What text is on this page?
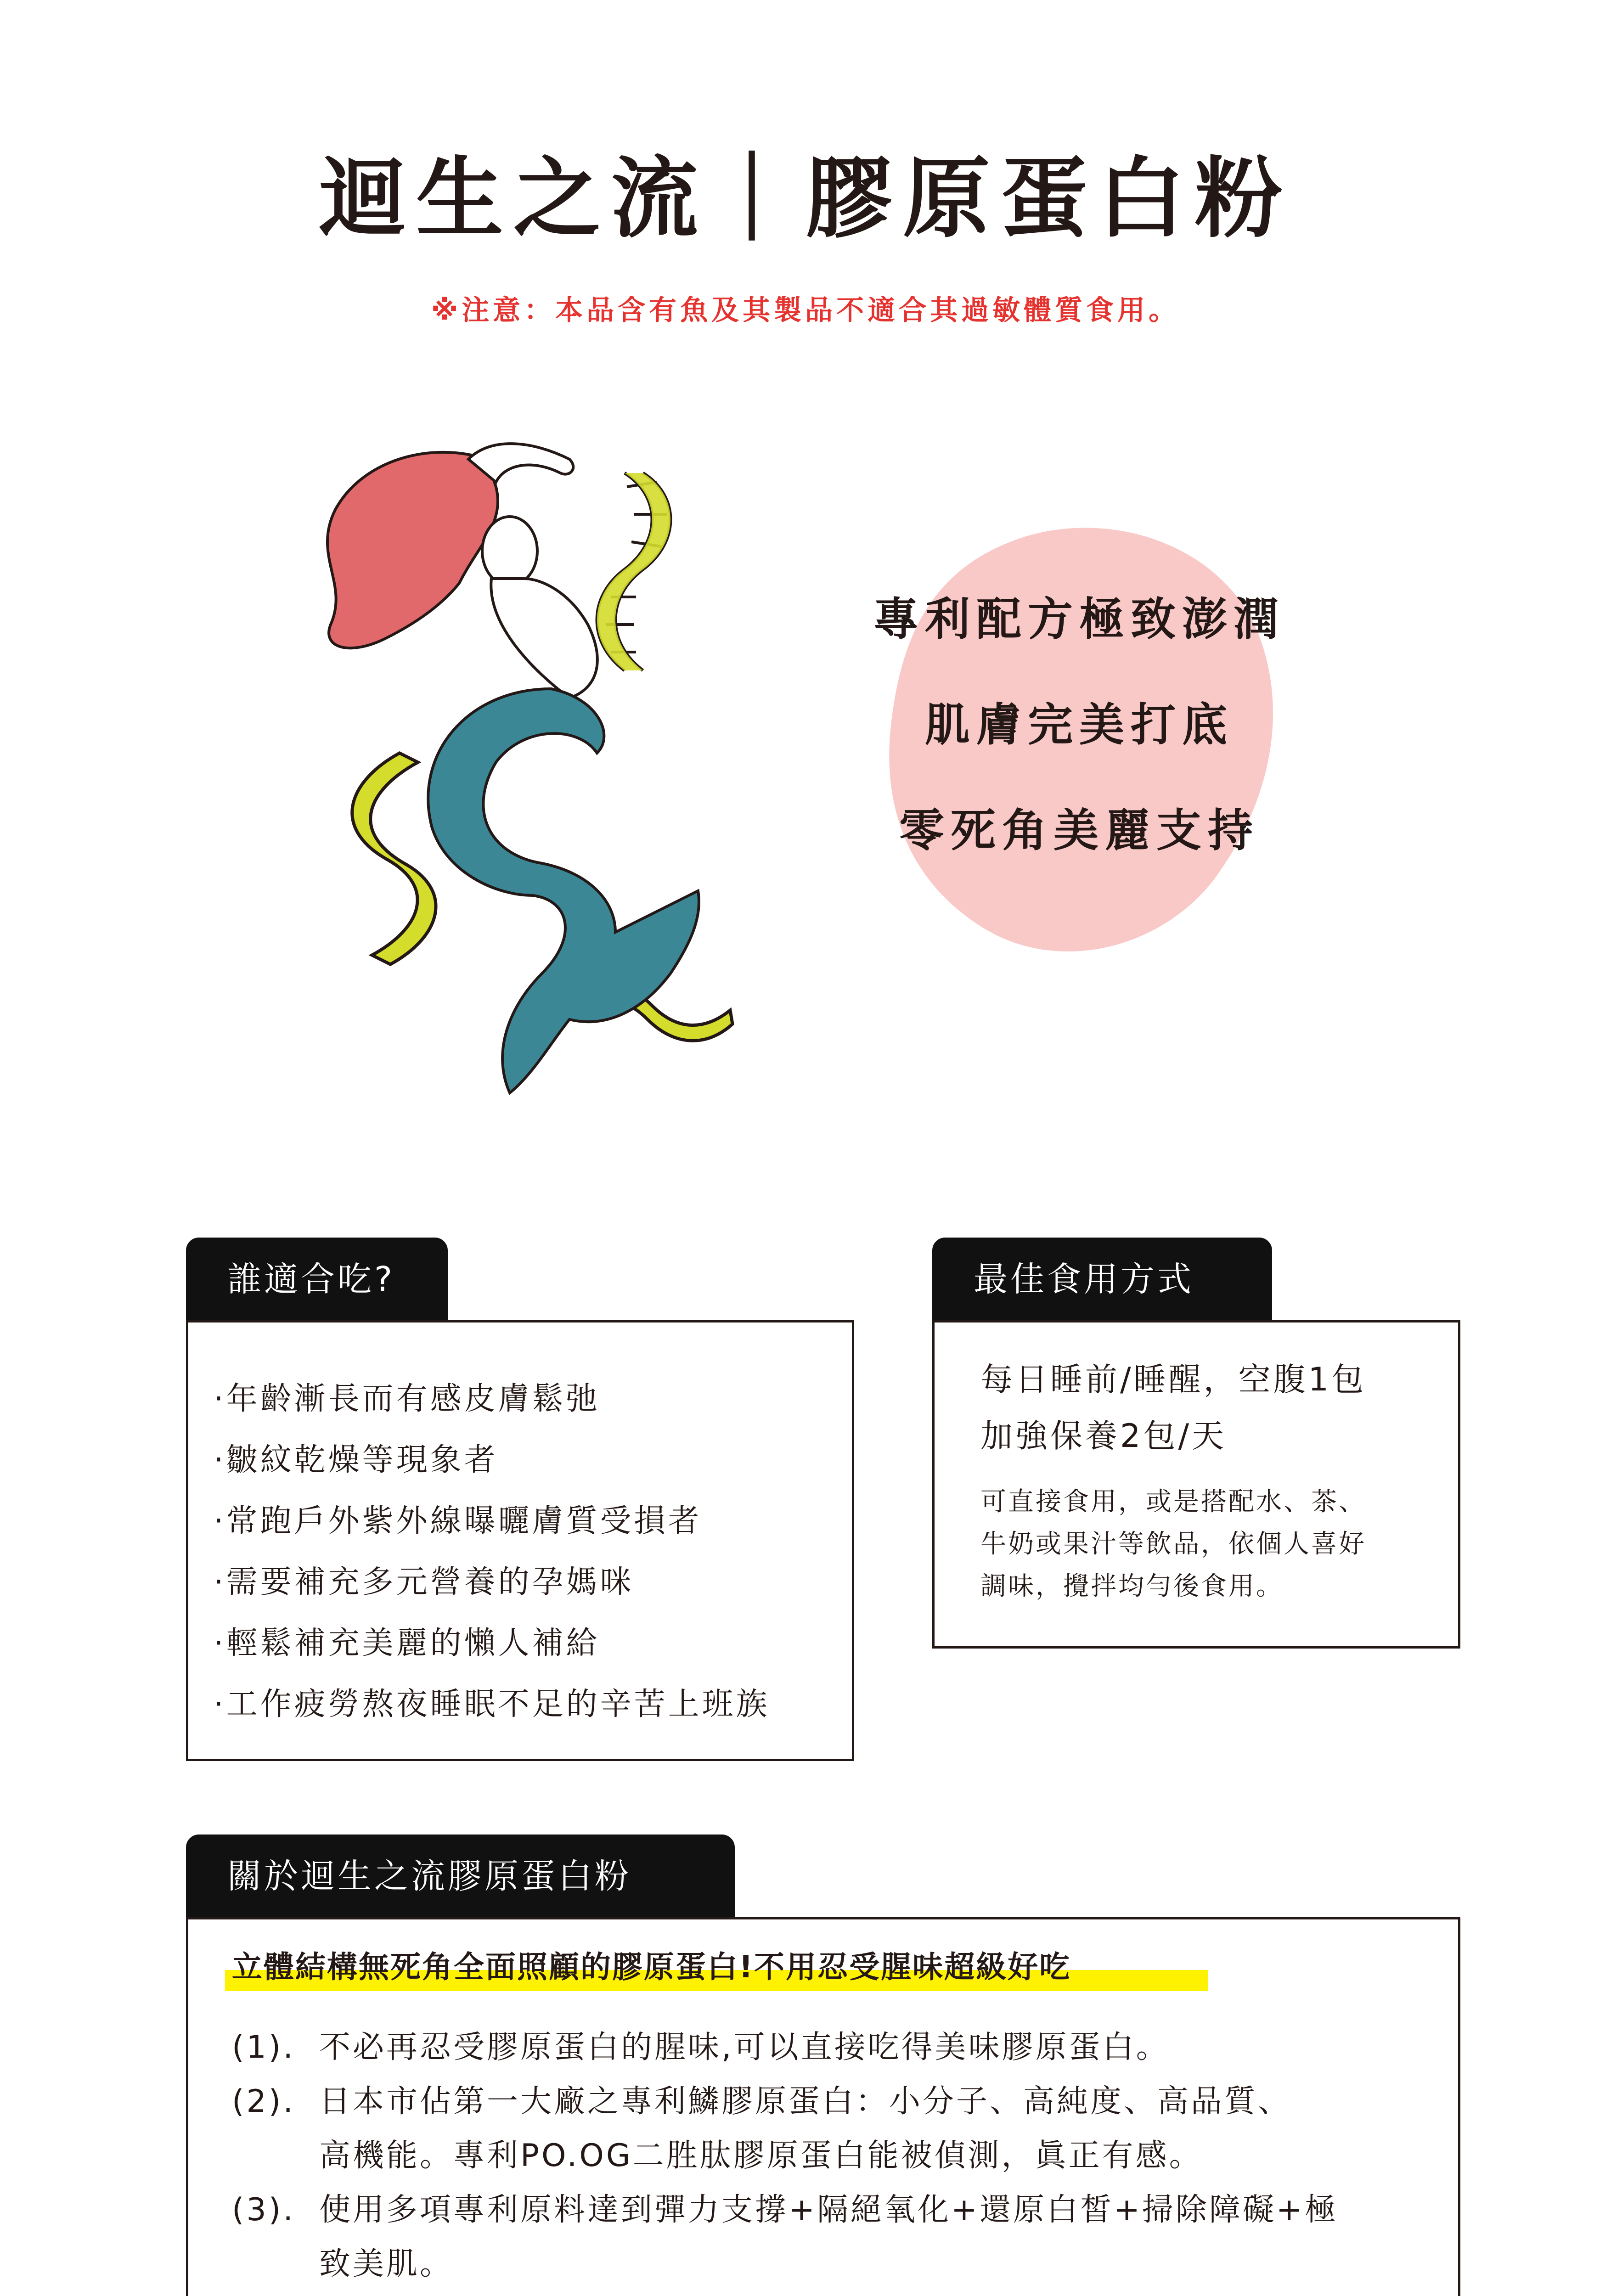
迴生之流｜膠原蛋白粉
※注意：本品含有魚及其製品不適合其過敏體質食用。
專利配方極致澎潤
肌膚完美打底
零死角美麗支持
誰適合吃?
·年齡漸長而有感皮膚鬆弛
·皺紋乾燥等現象者
·常跑戶外紫外線曝曬膚質受損者
·需要補充多元營養的孕媽咪
·輕鬆補充美麗的懶人補給
·工作疲勞熬夜睡眠不足的辛苦上班族
最佳食用方式
每日睡前/睡醒，空腹1包
加強保養2包/天
可直接食用，或是搭配水、茶、
牛奶或果汁等飲品，依個人喜好
調味，攪拌均勻後食用。
關於迴生之流膠原蛋白粉
立體結構無死角全面照顧的膠原蛋白!不用忍受腥味超級好吃
(1). 不必再忍受膠原蛋白的腥味,可以直接吃得美味膠原蛋白。
(2). 日本市佔第一大廠之專利鱗膠原蛋白：小分子、高純度、高品質、
高機能。專利PO.OG二胜肽膠原蛋白能被偵測，眞正有感。
(3). 使用多項專利原料達到彈力支撐+隔絕氧化+還原白皙+掃除障礙+極
致美肌。
